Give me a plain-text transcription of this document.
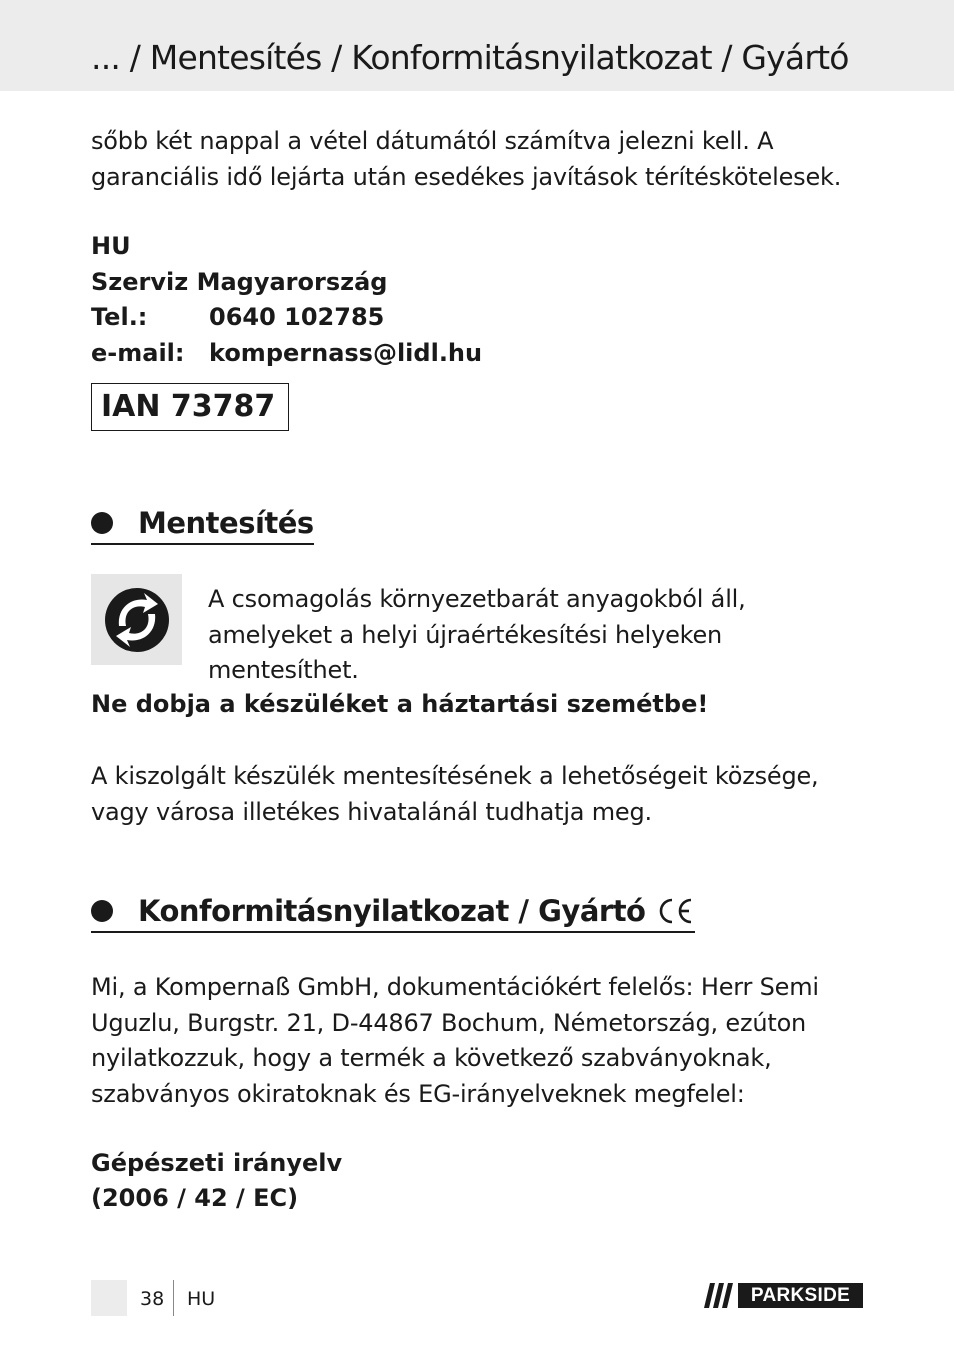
... / Mentesítés / Konformitásnyilatkozat / Gyártó

sőbb két nappal a vétel dátumától számítva jelezni kell. A garanciális idő lejárta után esedékes javítások térítéskötelesek.

HU
Szerviz Magyarország
Tel.:	0640 102785
e-mail:	kompernass@lidl.hu
IAN 73787
Mentesítés

A csomagolás környezetbarát anyagokból áll, amelyeket a helyi újraértékesítési helyeken mentesíthet.

Ne dobja a készüléket a háztartási szemétbe!

A kiszolgált készülék mentesítésének a lehetőségeit községe, vagy városa illetékes hivatalánál tudhatja meg.

Konformitásnyilatkozat / Gyártó

Mi, a Kompernaß GmbH, dokumentációkért felelős: Herr Semi Uguzlu, Burgstr. 21, D-44867 Bochum, Németország, ezúton nyilatkozzuk, hogy a termék a következő szabványoknak, szabványos okiratoknak és EG-irányelveknek megfelel:

Gépészeti irányelv

(2006 / 42 / EC)

38 HU	PARKSIDE
